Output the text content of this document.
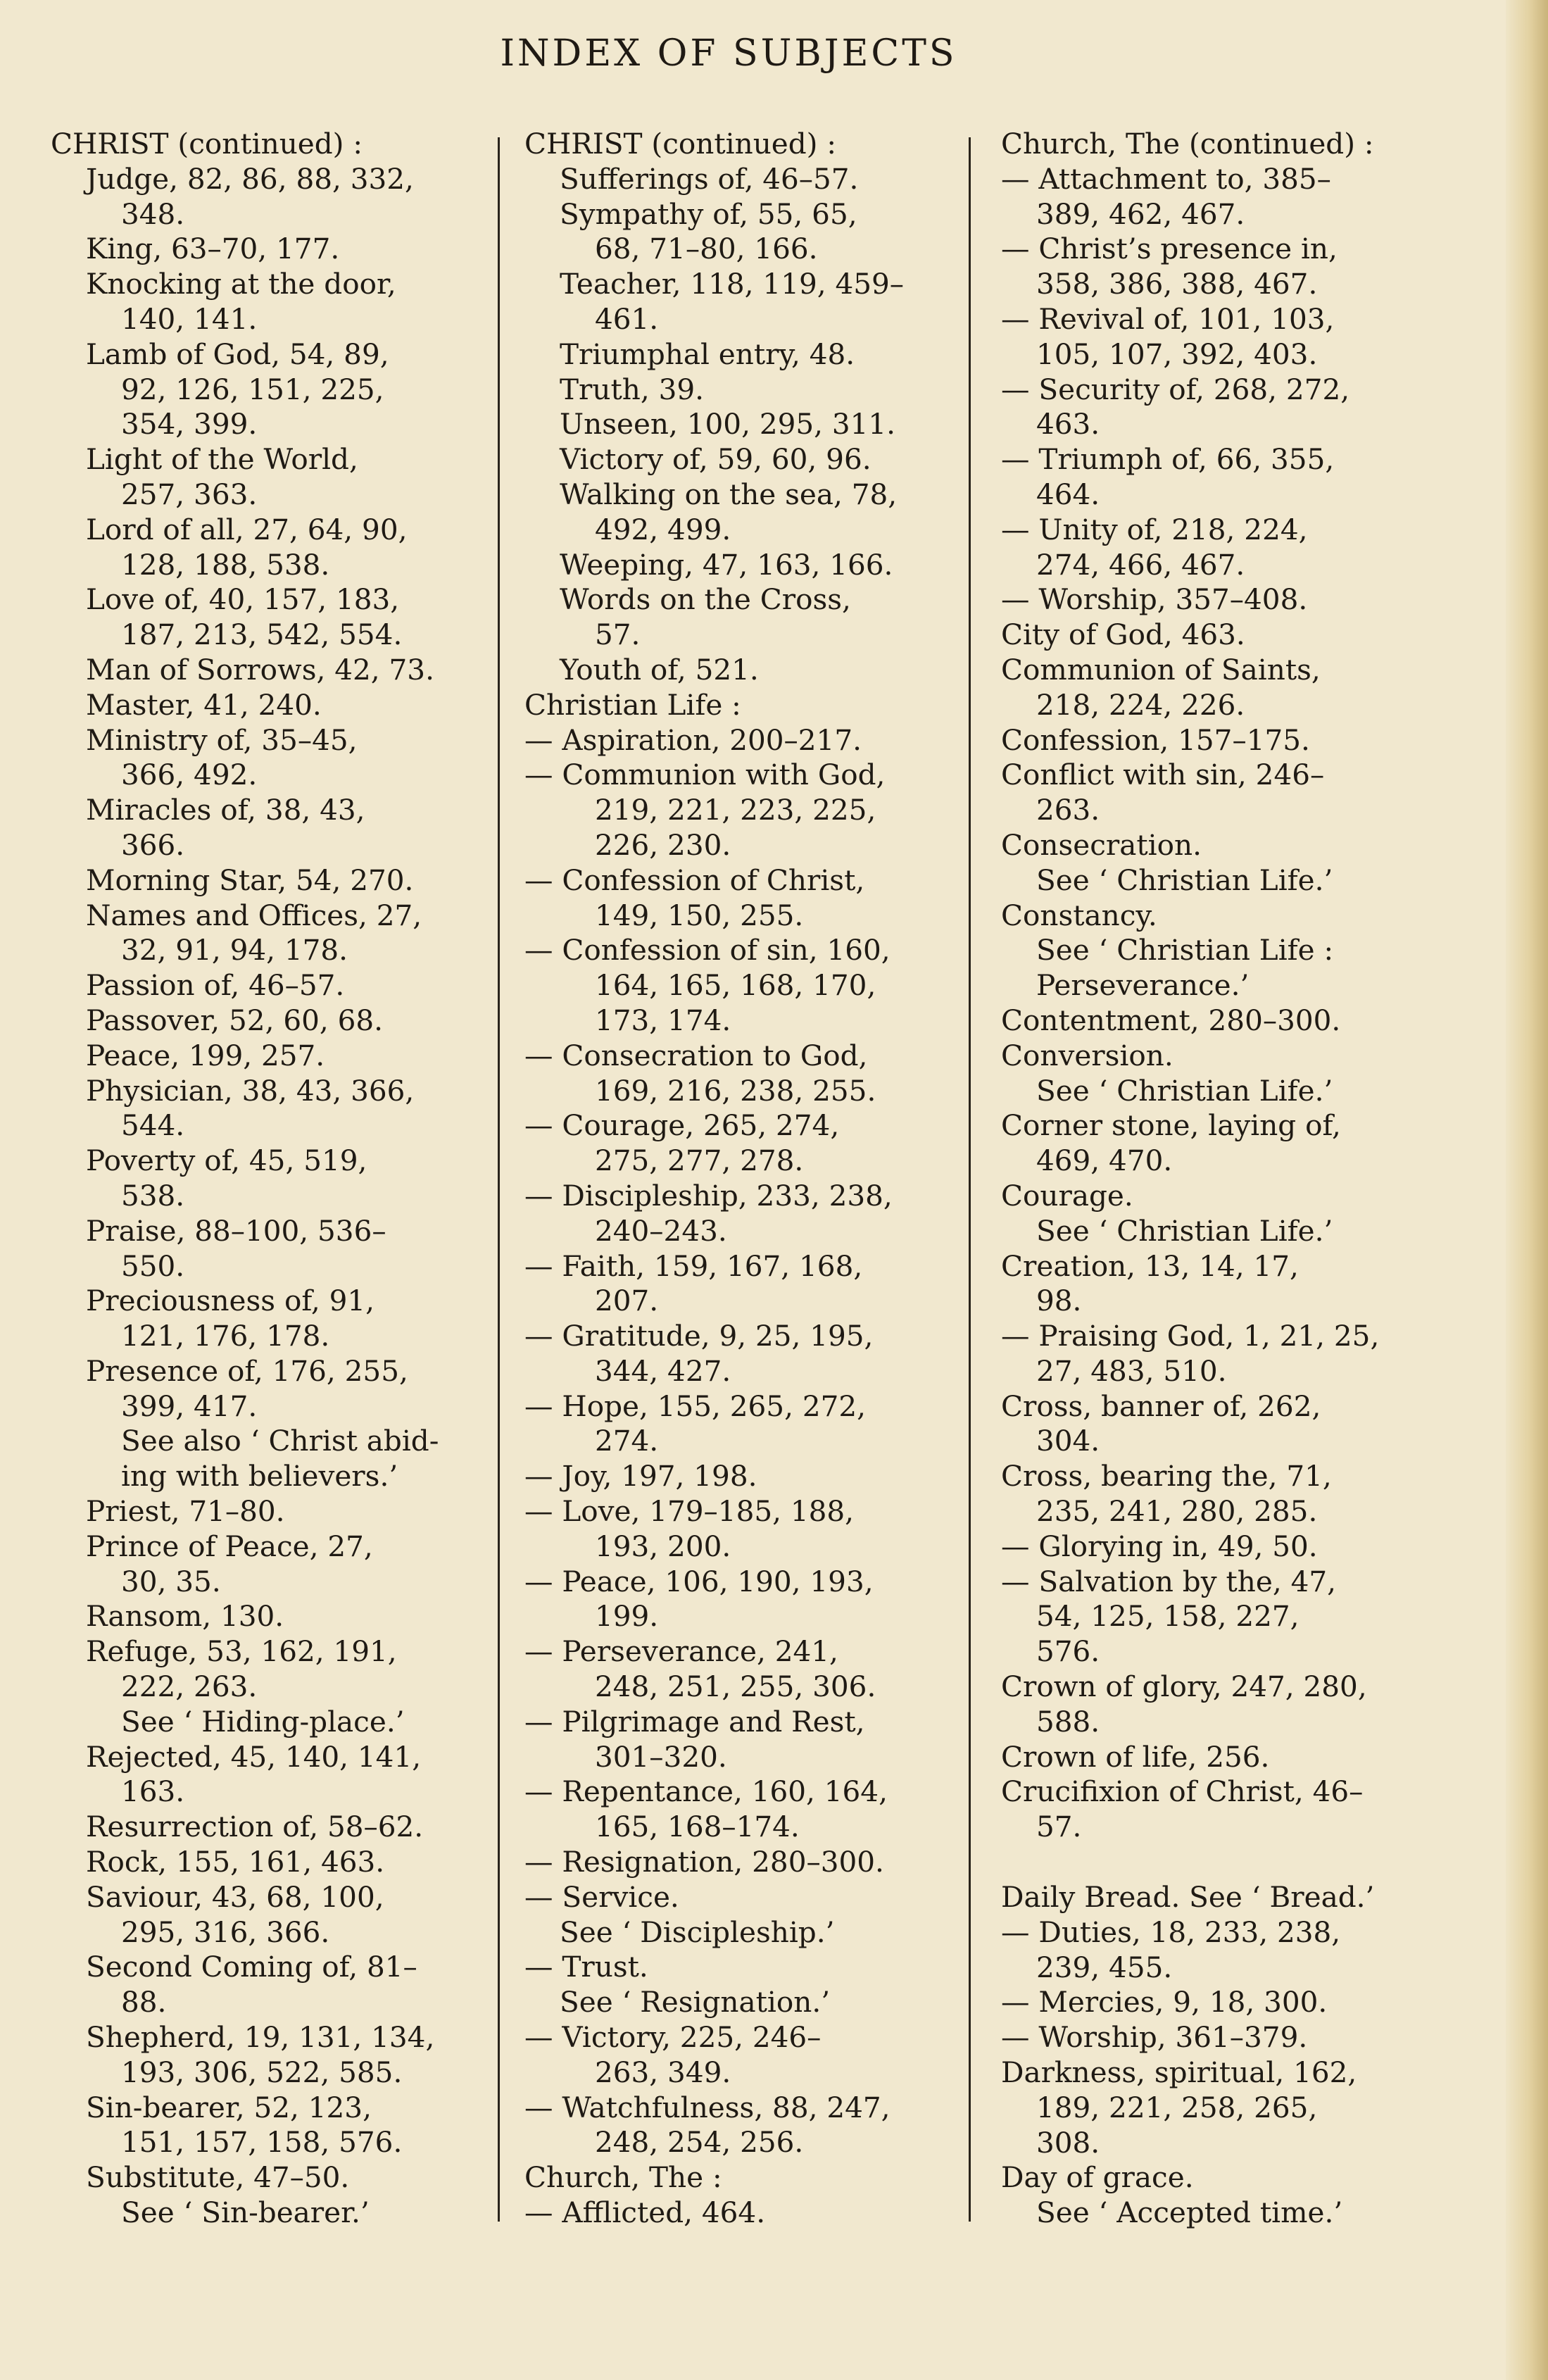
INDEX OF SUBJECTS
CHRIST (continued) :
Judge, 82, 86, 88, 332,
348.
King, 63–70, 177.
Knocking at the door,
140, 141.
Lamb of God, 54, 89,
92, 126, 151, 225,
354, 399.
Light of the World,
257, 363.
Lord of all, 27, 64, 90,
128, 188, 538.
Love of, 40, 157, 183,
187, 213, 542, 554.
Man of Sorrows, 42, 73.
Master, 41, 240.
Ministry of, 35–45,
366, 492.
Miracles of, 38, 43,
366.
Morning Star, 54, 270.
Names and Offices, 27,
32, 91, 94, 178.
Passion of, 46–57.
Passover, 52, 60, 68.
Peace, 199, 257.
Physician, 38, 43, 366,
544.
Poverty of, 45, 519,
538.
Praise, 88–100, 536–
550.
Preciousness of, 91,
121, 176, 178.
Presence of, 176, 255,
399, 417.
See also ‘ Christ abid-
ing with believers.’
Priest, 71–80.
Prince of Peace, 27,
30, 35.
Ransom, 130.
Refuge, 53, 162, 191,
222, 263.
See ‘ Hiding-place.’
Rejected, 45, 140, 141,
163.
Resurrection of, 58–62.
Rock, 155, 161, 463.
Saviour, 43, 68, 100,
295, 316, 366.
Second Coming of, 81–
88.
Shepherd, 19, 131, 134,
193, 306, 522, 585.
Sin-bearer, 52, 123,
151, 157, 158, 576.
Substitute, 47–50.
See ‘ Sin-bearer.’
CHRIST (continued) :
Sufferings of, 46–57.
Sympathy of, 55, 65,
68, 71–80, 166.
Teacher, 118, 119, 459–
461.
Triumphal entry, 48.
Truth, 39.
Unseen, 100, 295, 311.
Victory of, 59, 60, 96.
Walking on the sea, 78,
492, 499.
Weeping, 47, 163, 166.
Words on the Cross,
57.
Youth of, 521.
Christian Life :
— Aspiration, 200–217.
— Communion with God,
219, 221, 223, 225,
226, 230.
— Confession of Christ,
149, 150, 255.
— Confession of sin, 160,
164, 165, 168, 170,
173, 174.
— Consecration to God,
169, 216, 238, 255.
— Courage, 265, 274,
275, 277, 278.
— Discipleship, 233, 238,
240–243.
— Faith, 159, 167, 168,
207.
— Gratitude, 9, 25, 195,
344, 427.
— Hope, 155, 265, 272,
274.
— Joy, 197, 198.
— Love, 179–185, 188,
193, 200.
— Peace, 106, 190, 193,
199.
— Perseverance, 241,
248, 251, 255, 306.
— Pilgrimage and Rest,
301–320.
— Repentance, 160, 164,
165, 168–174.
— Resignation, 280–300.
— Service.
See ‘ Discipleship.’
— Trust.
See ‘ Resignation.’
— Victory, 225, 246–
263, 349.
— Watchfulness, 88, 247,
248, 254, 256.
Church, The :
— Afflicted, 464.
Church, The (continued) :
— Attachment to, 385–
389, 462, 467.
— Christ’s presence in,
358, 386, 388, 467.
— Revival of, 101, 103,
105, 107, 392, 403.
— Security of, 268, 272,
463.
— Triumph of, 66, 355,
464.
— Unity of, 218, 224,
274, 466, 467.
— Worship, 357–408.
City of God, 463.
Communion of Saints,
218, 224, 226.
Confession, 157–175.
Conflict with sin, 246–
263.
Consecration.
See ‘ Christian Life.’
Constancy.
See ‘ Christian Life :
Perseverance.’
Contentment, 280–300.
Conversion.
See ‘ Christian Life.’
Corner stone, laying of,
469, 470.
Courage.
See ‘ Christian Life.’
Creation, 13, 14, 17,
98.
— Praising God, 1, 21, 25,
27, 483, 510.
Cross, banner of, 262,
304.
Cross, bearing the, 71,
235, 241, 280, 285.
— Glorying in, 49, 50.
— Salvation by the, 47,
54, 125, 158, 227,
576.
Crown of glory, 247, 280,
588.
Crown of life, 256.
Crucifixion of Christ, 46–
57.
Daily Bread. See ‘ Bread.’
— Duties, 18, 233, 238,
239, 455.
— Mercies, 9, 18, 300.
— Worship, 361–379.
Darkness, spiritual, 162,
189, 221, 258, 265,
308.
Day of grace.
See ‘ Accepted time.’
